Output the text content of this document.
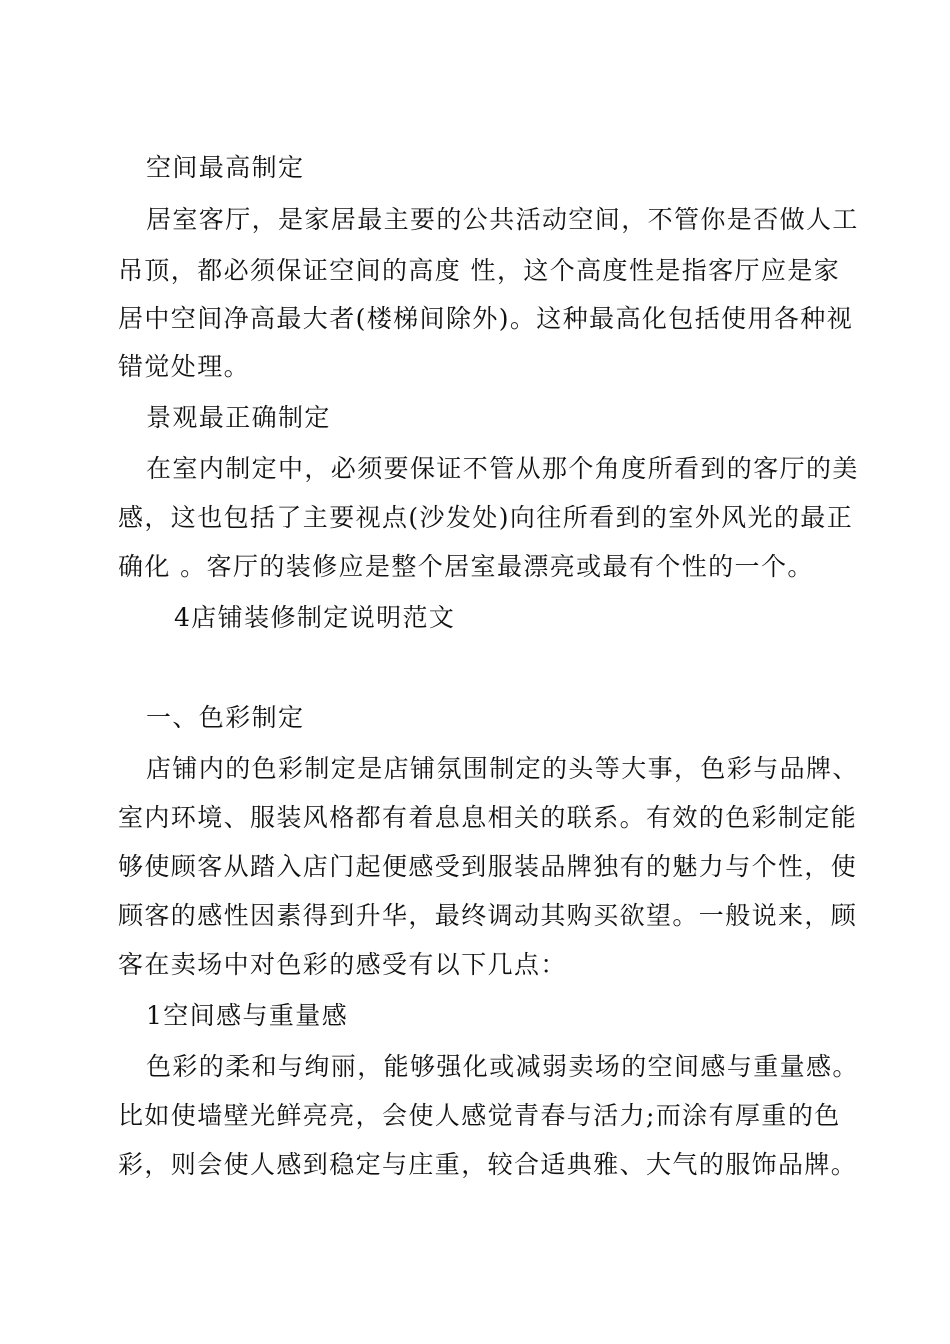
空间最高制定
居室客厅，是家居最主要的公共活动空间，不管你是否做人工
吊顶，都必须保证空间的高度 性，这个高度性是指客厅应是家
居中空间净高最大者(楼梯间除外)。这种最高化包括使用各种视
错觉处理。
景观最正确制定
在室内制定中，必须要保证不管从那个角度所看到的客厅的美
感，这也包括了主要视点(沙发处)向往所看到的室外风光的最正
确化 。客厅的装修应是整个居室最漂亮或最有个性的一个。
4店铺装修制定说明范文
一、色彩制定
店铺内的色彩制定是店铺氛围制定的头等大事，色彩与品牌、
室内环境、服装风格都有着息息相关的联系。有效的色彩制定能
够使顾客从踏入店门起便感受到服装品牌独有的魅力与个性，使
顾客的感性因素得到升华，最终调动其购买欲望。一般说来，顾
客在卖场中对色彩的感受有以下几点：
1空间感与重量感
色彩的柔和与绚丽，能够强化或减弱卖场的空间感与重量感。
比如使墙壁光鲜亮亮，会使人感觉青春与活力;而涂有厚重的色
彩，则会使人感到稳定与庄重，较合适典雅、大气的服饰品牌。
